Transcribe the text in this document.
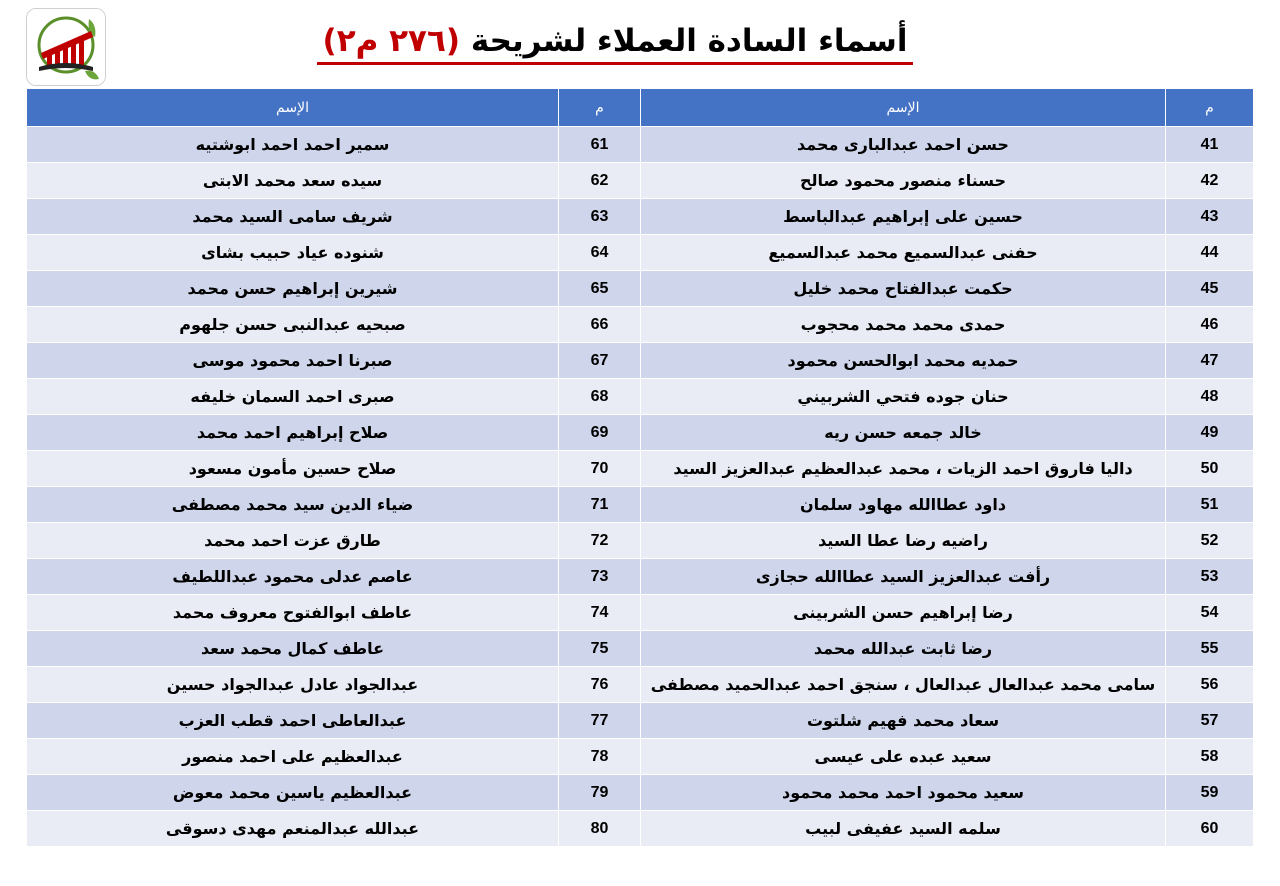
أسماء السادة العملاء لشريحة (٢٧٦ م٢)
م	الإسم	م	الإسم
41	حسن احمد عبدالبارى محمد	61	سمير احمد احمد ابوشتيه
42	حسناء منصور محمود صالح	62	سيده سعد محمد الابتى
43	حسين على إبراهيم عبدالباسط	63	شريف سامى السيد محمد
44	حفنى عبدالسميع محمد عبدالسميع	64	شنوده عياد حبيب بشاى
45	حكمت عبدالفتاح محمد خليل	65	شيرين إبراهيم حسن محمد
46	حمدى محمد محمد محجوب	66	صبحيه عبدالنبى حسن جلهوم
47	حمديه محمد ابوالحسن محمود	67	صبرنا احمد محمود موسى
48	حنان جوده فتحي الشربيني	68	صبرى احمد السمان خليفه
49	خالد جمعه حسن ريه	69	صلاح إبراهيم احمد محمد
50	داليا فاروق احمد الزيات ، محمد عبدالعظيم عبدالعزيز السيد	70	صلاح حسين مأمون مسعود
51	داود عطاالله مهاود سلمان	71	ضياء الدين سيد محمد مصطفى
52	راضيه رضا عطا السيد	72	طارق عزت احمد محمد
53	رأفت عبدالعزيز السيد عطاالله حجازى	73	عاصم عدلى محمود عبداللطيف
54	رضا إبراهيم حسن الشربينى	74	عاطف ابوالفتوح معروف محمد
55	رضا ثابت عبدالله محمد	75	عاطف كمال محمد سعد
56	سامى محمد عبدالعال عبدالعال ، سنجق احمد عبدالحميد مصطفى	76	عبدالجواد عادل عبدالجواد حسين
57	سعاد محمد فهيم شلتوت	77	عبدالعاطى احمد قطب العزب
58	سعيد عبده على عيسى	78	عبدالعظيم على احمد منصور
59	سعيد محمود احمد محمد محمود	79	عبدالعظيم ياسين محمد معوض
60	سلمه السيد عفيفى لبيب	80	عبدالله عبدالمنعم مهدى دسوقى
